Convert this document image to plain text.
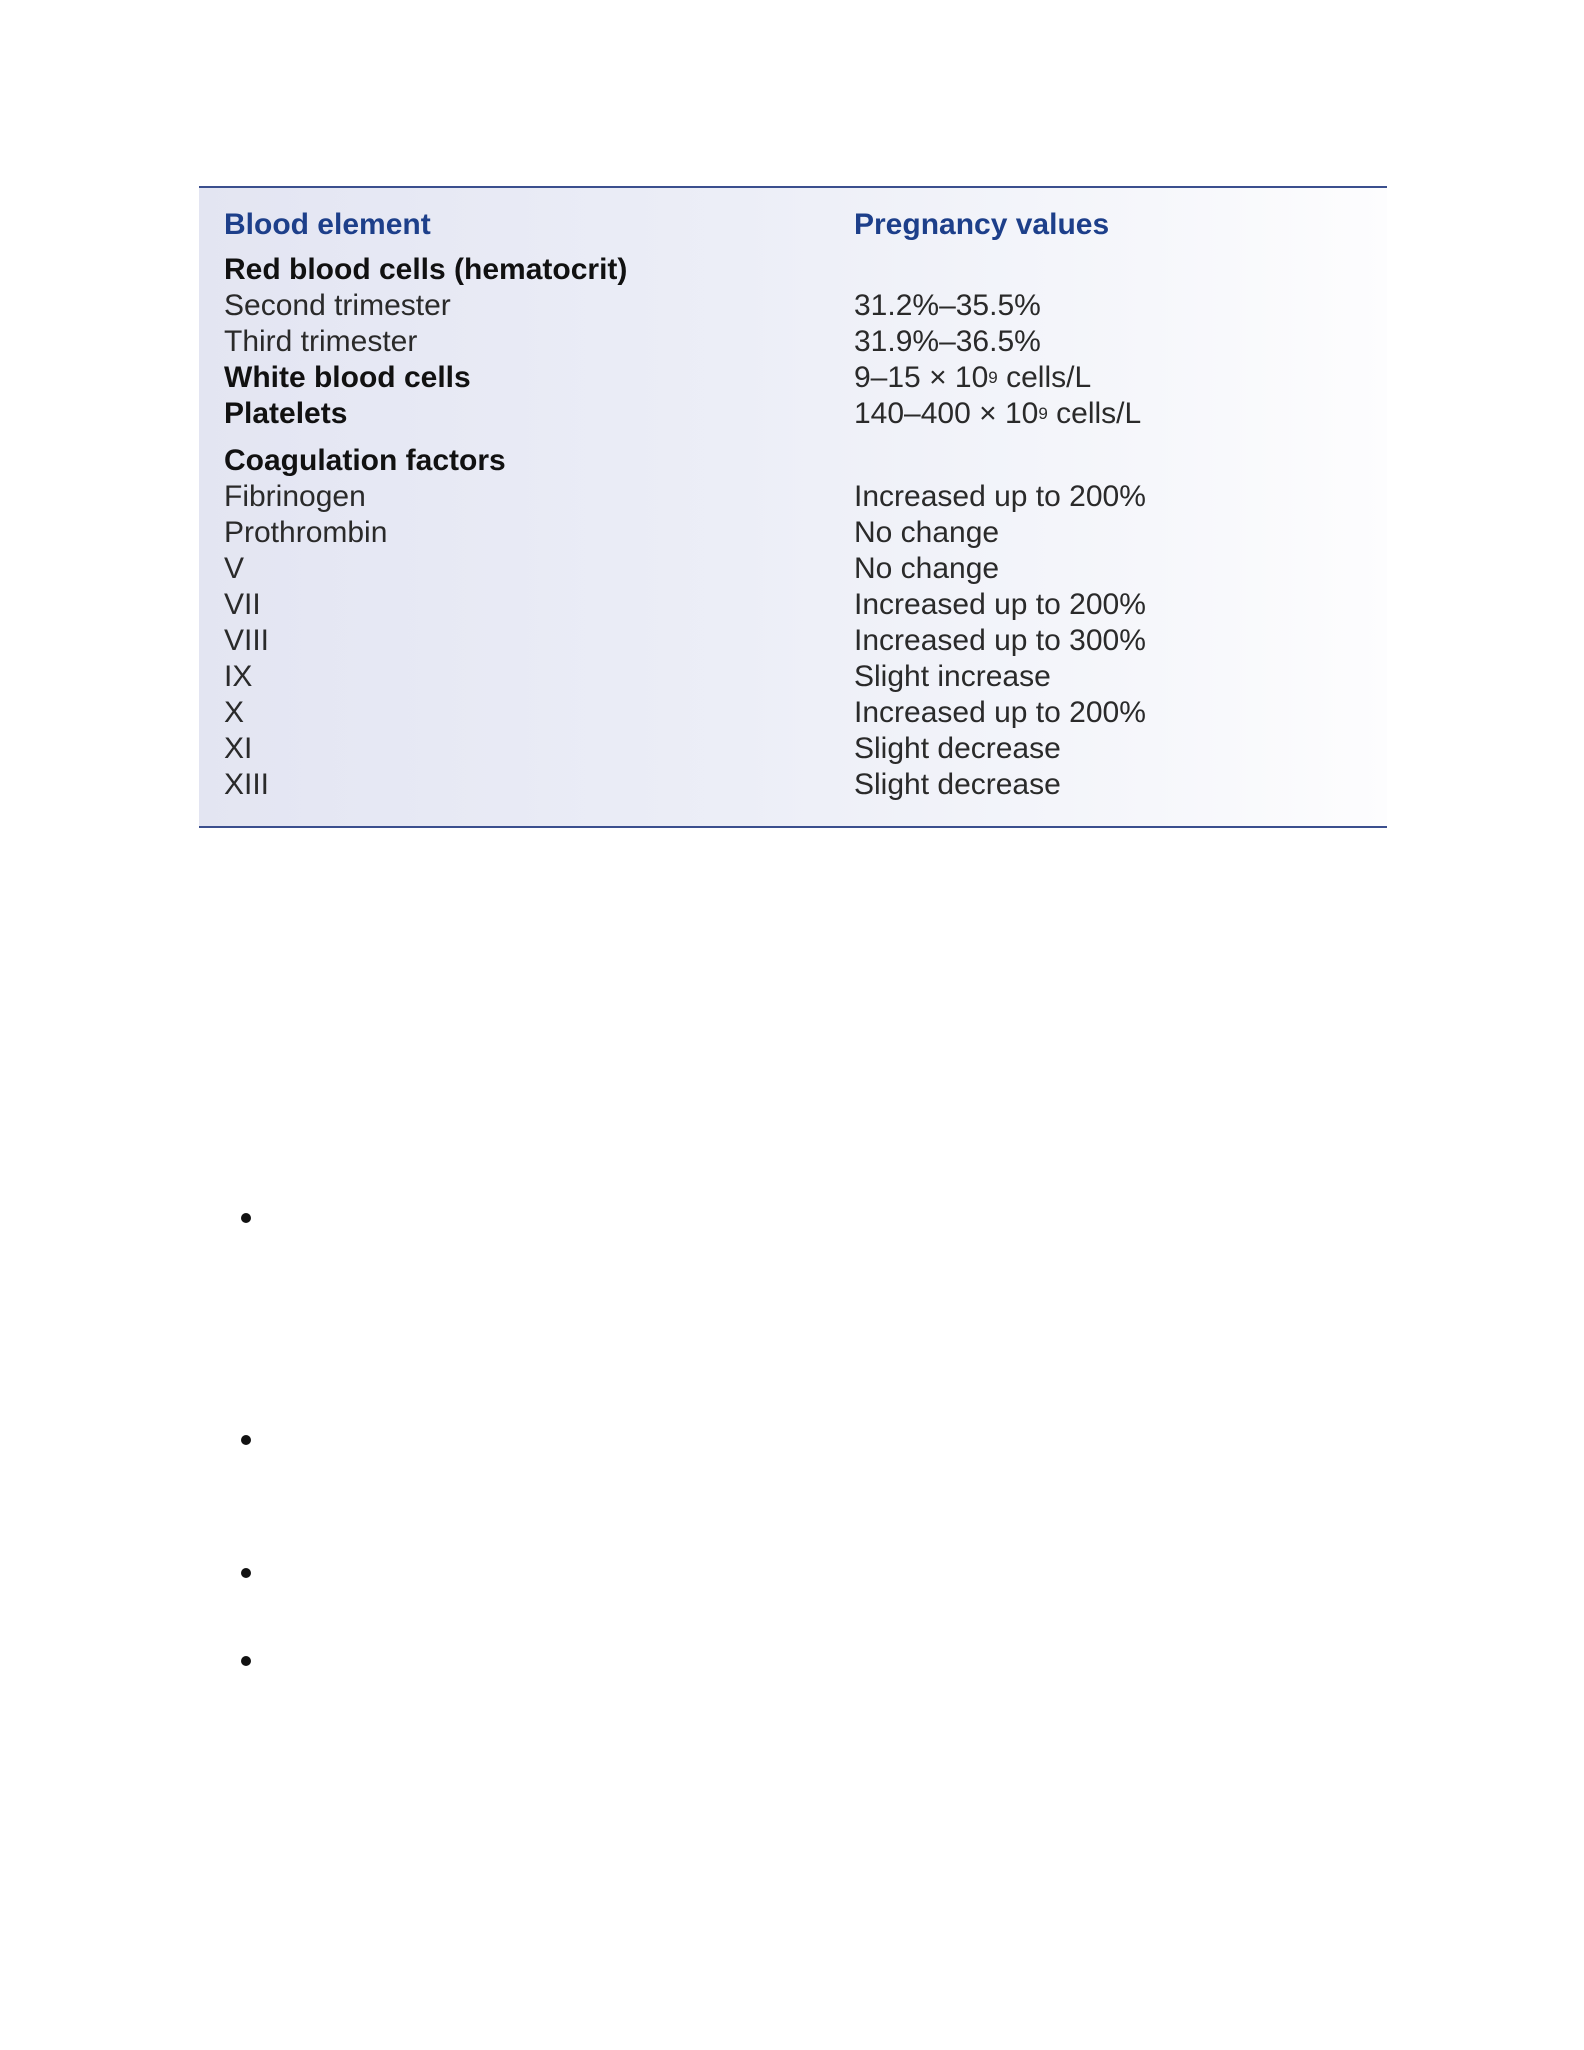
Blood element	Pregnancy values
Red blood cells (hematocrit)
Second trimester	31.2%–35.5%
Third trimester	31.9%–36.5%
White blood cells	$9-15 \times 10^9$ cells/L
Platelets	$140-400 \times 10^9$ cells/L
Coagulation factors
Fibrinogen	Increased up to 200%
Prothrombin	No change
V	No change
VII	Increased up to 200%
VIII	Increased up to 300%
IX	Slight increase
X	Increased up to 200%
XI	Slight decrease
XIII	Slight decrease
